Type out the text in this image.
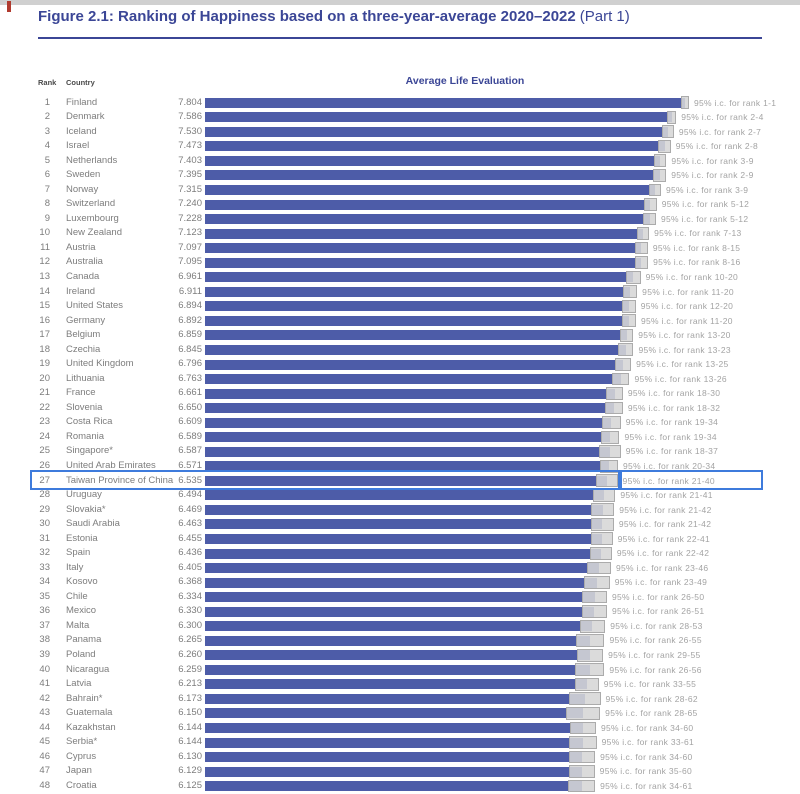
Figure 2.1: Ranking of Happiness based on a three-year-average 2020–2022 (Part 1)
Rank Country	Average Life Evaluation
1 Finland	7.804	95% i.c. for rank 1-1
2 Denmark	7.586	95% i.c. for rank 2-4
3 Iceland	7.530	95% i.c. for rank 2-7
4 Israel	7.473	95% i.c. for rank 2-8
5 Netherlands	7.403	95% i.c. for rank 3-9
6 Sweden	7.395	95% i.c. for rank 2-9
7 Norway	7.315	95% i.c. for rank 3-9
8 Switzerland	7.240	95% i.c. for rank 5-12
9 Luxembourg	7.228	95% i.c. for rank 5-12
10 New Zealand	7.123	95% i.c. for rank 7-13
11 Austria	7.097	95% i.c. for rank 8-15
12 Australia	7.095	95% i.c. for rank 8-16
13 Canada	6.961	95% i.c. for rank 10-20
14 Ireland	6.911	95% i.c. for rank 11-20
15 United States	6.894	95% i.c. for rank 12-20
16 Germany	6.892	95% i.c. for rank 11-20
17 Belgium	6.859	95% i.c. for rank 13-20
18 Czechia	6.845	95% i.c. for rank 13-23
19 United Kingdom	6.796	95% i.c. for rank 13-25
20 Lithuania	6.763	95% i.c. for rank 13-26
21 France	6.661	95% i.c. for rank 18-30
22 Slovenia	6.650	95% i.c. for rank 18-32
23 Costa Rica	6.609	95% i.c. for rank 19-34
24 Romania	6.589	95% i.c. for rank 19-34
25 Singapore*	6.587	95% i.c. for rank 18-37
26 United Arab Emirates	6.571	95% i.c. for rank 20-34
27 Taiwan Province of China 6.535	95% i.c. for rank 21-40
28 Uruguay	6.494	95% i.c. for rank 21-41
29 Slovakia*	6.469	95% i.c. for rank 21-42
30 Saudi Arabia	6.463	95% i.c. for rank 21-42
31 Estonia	6.455	95% i.c. for rank 22-41
32 Spain	6.436	95% i.c. for rank 22-42
33 Italy	6.405	95% i.c. for rank 23-46
34 Kosovo	6.368	95% i.c. for rank 23-49
35 Chile	6.334	95% i.c. for rank 26-50
36 Mexico	6.330	95% i.c. for rank 26-51
37 Malta	6.300	95% i.c. for rank 28-53
38 Panama	6.265	95% i.c. for rank 26-55
39 Poland	6.260	95% i.c. for rank 29-55
40 Nicaragua	6.259	95% i.c. for rank 26-56
41 Latvia	6.213	95% i.c. for rank 33-55
42 Bahrain*	6.173	95% i.c. for rank 28-62
43 Guatemala	6.150	95% i.c. for rank 28-65
44 Kazakhstan	6.144	95% i.c. for rank 34-60
45 Serbia*	6.144	95% i.c. for rank 33-61
46 Cyprus	6.130	95% i.c. for rank 34-60
47 Japan	6.129	95% i.c. for rank 35-60
48 Croatia	6.125	95% i.c. for rank 34-61
